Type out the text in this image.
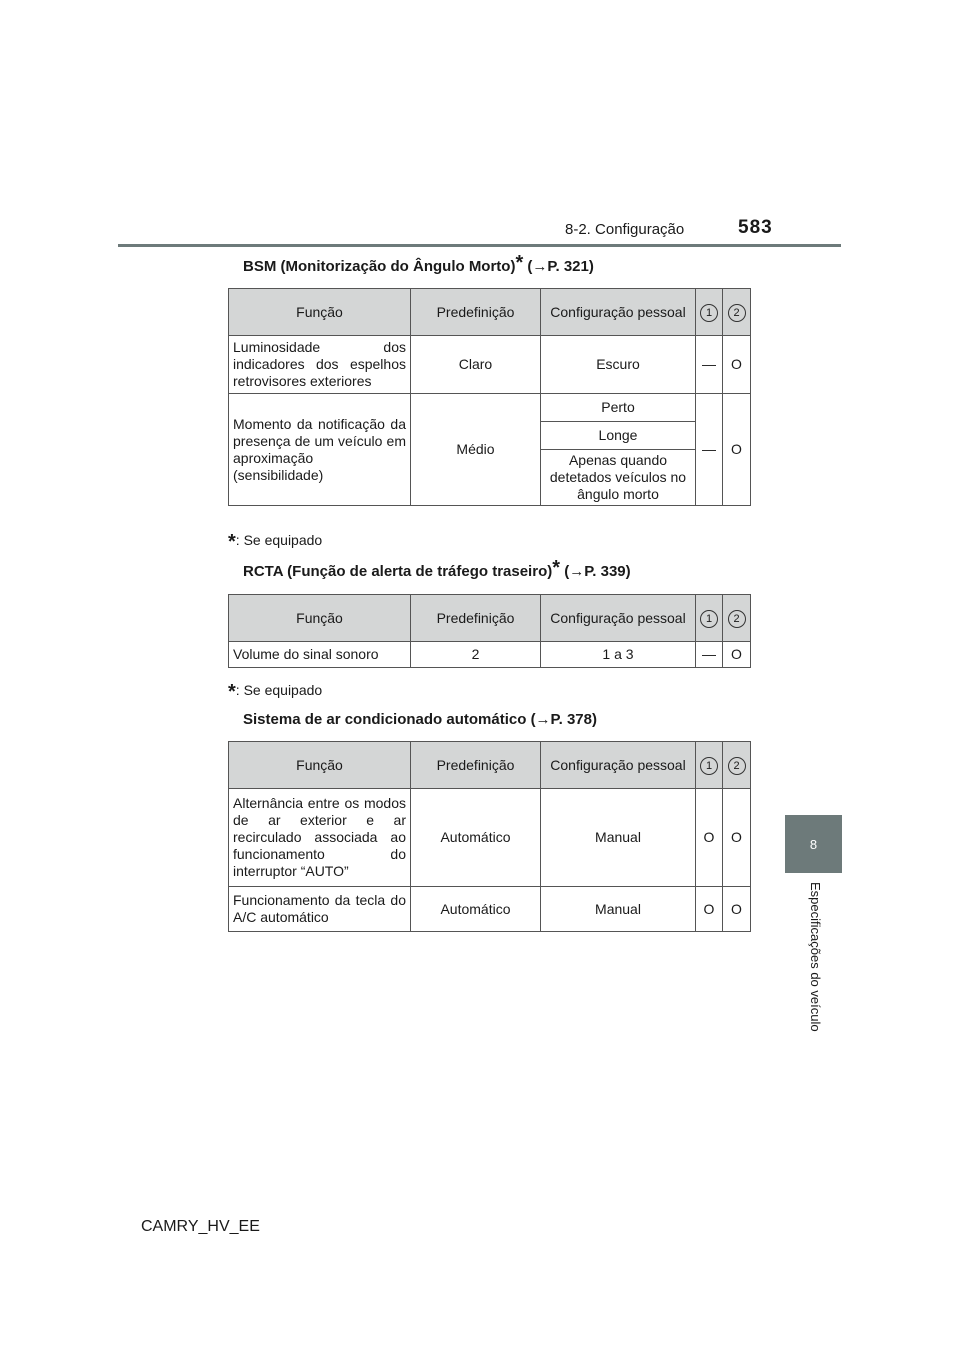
8-2. Configuração	583
8
Especificações do veículo
BSM (Monitorização do Ângulo Morto)* (→P. 321)
Função	Predefinição	Configuração pessoal	1	2
Luminosidade dos indicadores dos espelhos retrovisores exteriores	Claro	Escuro	—	O
Momento da notificação da presença de um veículo em aproximação (sensibilidade)	Médio	Perto	—	O
		Longe		
		Apenas quando detetados veículos no ângulo morto		
*: Se equipado
RCTA (Função de alerta de tráfego traseiro)* (→P. 339)
Função	Predefinição	Configuração pessoal	1	2
Volume do sinal sonoro	2	1 a 3	—	O
*: Se equipado
Sistema de ar condicionado automático (→P. 378)
Função	Predefinição	Configuração pessoal	1	2
Alternância entre os modos de ar exterior e ar recirculado associada ao funcionamento do interruptor “AUTO”	Automático	Manual	O	O
Funcionamento da tecla do A/C automático	Automático	Manual	O	O
CAMRY_HV_EE
